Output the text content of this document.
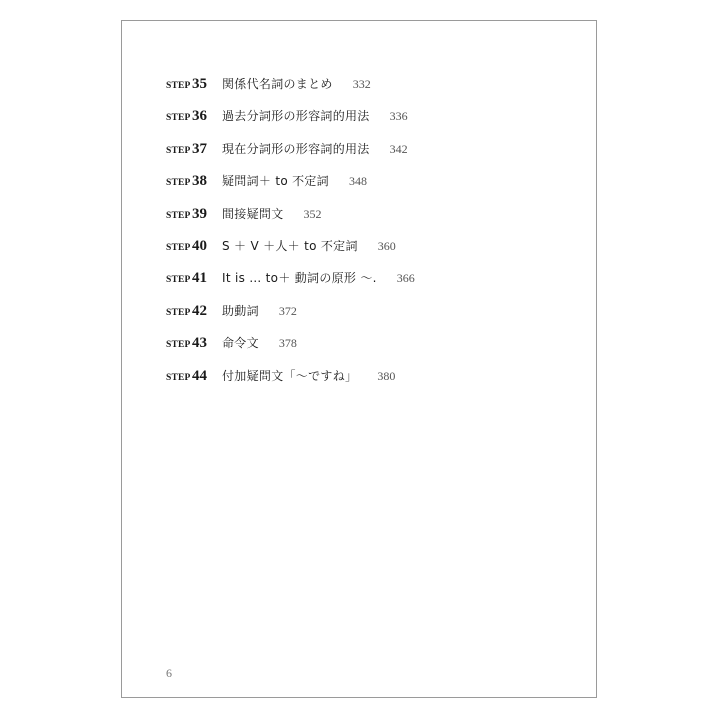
STEP 35	関係代名詞のまとめ 332
STEP 36	過去分詞形の形容詞的用法 336
STEP 37	現在分詞形の形容詞的用法 342
STEP 38	疑問詞＋ to 不定詞 348
STEP 39	間接疑問文 352
STEP 40	S ＋ V ＋人＋ to 不定詞 360
STEP 41	It is … to＋ 動詞の原形 ～. 366
STEP 42	助動詞 372
STEP 43	命令文 378
STEP 44	付加疑問文「～ですね」 380
6
